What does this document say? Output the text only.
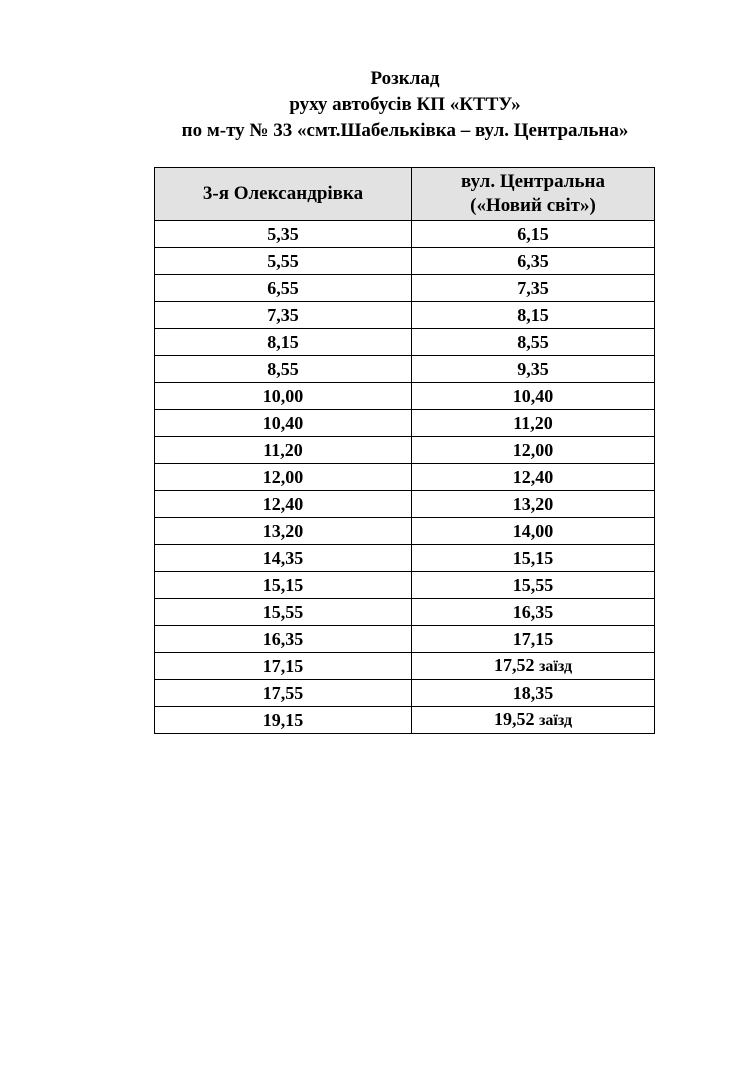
Розклад
руху автобусів КП «КТТУ»
по м-ту № 33 «смт.Шабельківка – вул. Центральна»
3-я Олександрівка	вул. Центральна
(«Новий світ»)

5,35	6,15
5,55	6,35
6,55	7,35
7,35	8,15
8,15	8,55
8,55	9,35
10,00	10,40
10,40	11,20
11,20	12,00
12,00	12,40
12,40	13,20
13,20	14,00
14,35	15,15
15,15	15,55
15,55	16,35
16,35	17,15
17,15	17,52 заїзд
17,55	18,35
19,15	19,52 заїзд
